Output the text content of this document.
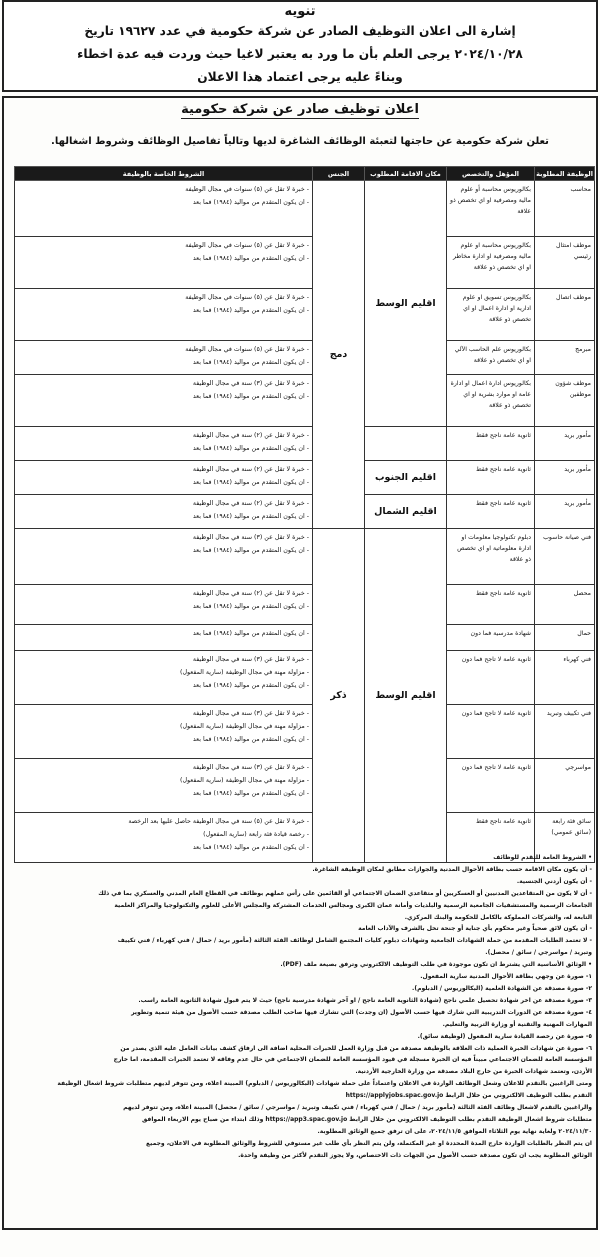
تنويه
إشارة الى اعلان التوظيف الصادر عن شركة حكومية في عدد ١٩٦٢٧ تاريخ
٢٠٢٤/١٠/٢٨ يرجى العلم بأن ما ورد به يعتبر لاغيا حيث وردت فيه عدة اخطاء
وبناءً عليه يرجى اعتماد هذا الاعلان
اعلان توظيف صادر عن شركة حكومية
تعلن شركة حكومية عن حاجتها لتعبئة الوظائف الشاغرة لديها وتالياً تفاصيل الوظائف وشروط اشغالها.
الوظيفة المطلوبة	المؤهل والتخصص	مكان الاقامة المطلوب	الجنس	الشروط الخاصة بالوظيفة
محاسب	بكالوريوس محاسبة أو علوم مالية ومصرفية او اي تخصص ذو علاقة	اقليم الوسط	دمج	- خبرة لا تقل عن (٥) سنوات في مجال الوظيفة
- ان يكون المتقدم من مواليد (١٩٨٤) فما بعد

موظف امتثال رئيسي	بكالوريوس محاسبة او علوم مالية ومصرفية او ادارة مخاطر او اي تخصص ذو علاقة			- خبرة لا تقل عن (٥) سنوات في مجال الوظيفة
- ان يكون المتقدم من مواليد (١٩٨٤) فما بعد

موظف اتصال	بكالوريوس تسويق او علوم ادارية او ادارة اعمال او اي تخصص ذو علاقة			- خبرة لا تقل عن (٥) سنوات في مجال الوظيفة
- ان يكون المتقدم من مواليد (١٩٨٤) فما بعد

مبرمج	بكالوريوس علم الحاسب الآلي او اي تخصص ذو علاقة			- خبرة لا تقل عن (٥) سنوات في مجال الوظيفة
- ان يكون المتقدم من مواليد (١٩٨٤) فما بعد

موظف شؤون موظفين	بكالوريوس ادارة اعمال او ادارة عامة او موارد بشرية او اي تخصص ذو علاقة			- خبرة لا تقل عن (٣) سنة في مجال الوظيفة
- ان يكون المتقدم من مواليد (١٩٨٤) فما بعد

مأمور بريد	ثانوية عامة ناجح فقط			- خبرة لا تقل عن (٢) سنة في مجال الوظيفة
- ان يكون المتقدم من مواليد (١٩٨٤) فما بعد

مأمور بريد	ثانوية عامة ناجح فقط	اقليم الجنوب		- خبرة لا تقل عن (٢) سنة في مجال الوظيفة
- ان يكون المتقدم من مواليد (١٩٨٤) فما بعد

مأمور بريد	ثانوية عامة ناجح فقط	اقليم الشمال		- خبرة لا تقل عن (٢) سنة في مجال الوظيفة
- ان يكون المتقدم من مواليد (١٩٨٤) فما بعد

فني صيانة حاسوب	دبلوم تكنولوجيا معلومات او ادارة معلوماتية او اي تخصص ذو علاقة	اقليم الوسط	ذكر	- خبرة لا تقل عن (٣) سنة في مجال الوظيفة
- ان يكون المتقدم من مواليد (١٩٨٤) فما بعد

محصل	ثانوية عامة ناجح فقط			- خبرة لا تقل عن (٢) سنة في مجال الوظيفة
- ان يكون المتقدم من مواليد (١٩٨٤) فما بعد

حمال	شهادة مدرسية فما دون			- ان يكون المتقدم من مواليد (١٩٨٤) فما بعد

فني كهرباء	ثانوية عامة لا تاجح فما دون			- خبرة لا تقل عن (٣) سنة في مجال الوظيفة
- مزاولة مهنة في مجال الوظيفة (سارية المفعول)
- ان يكون المتقدم من مواليد (١٩٨٤) فما بعد

فني تكييف وتبريد	ثانوية عامة لا تاجح فما دون			- خبرة لا تقل عن (٣) سنة في مجال الوظيفة
- مزاولة مهنة في مجال الوظيفة (سارية المفعول)
- ان يكون المتقدم من مواليد (١٩٨٤) فما بعد

مواسرجي	ثانوية عامة لا تاجح فما دون			- خبرة لا تقل عن (٣) سنة في مجال الوظيفة
- مزاولة مهنة في مجال الوظيفة (سارية المفعول)
- ان يكون المتقدم من مواليد (١٩٨٤) فما بعد

سائق فئة رابعة (سائق عمومي)	ثانوية عامة ناجح فقط			- خبرة لا تقل عن (٥) سنة في مجال الوظيفة حاصل عليها بعد الرخصة
- رخصة قيادة فئة رابعة (سارية المفعول)
- ان يكون المتقدم من مواليد (١٩٨٤) فما بعد

• الشروط العامة للتقدم للوظائف

- أن يكون مكان الاقامة حسب بطاقة الأحوال المدنية والجوازات مطابق لمكان الوظيفة الشاغرة.

- أن يكون أردني الجنسية.

- أن لا يكون من المتقاعدين المدنيين أو العسكريين أو متقاعدي الضمان الاجتماعي أو القائمين على رأس عملهم بوظائف في القطاع العام المدني والعسكري بما في ذلك

الجامعات الرسمية والمستشفيات الجامعية الرسمية والبلديات وأمانة عمان الكبرى ومجالس الخدمات المشتركة والمجلس الأعلى للعلوم والتكنولوجيا والمراكز العلمية

التابعة له، والشركات المملوكة بالكامل للحكومة والبنك المركزي.

- أن يكون لائق صحياً وغير محكوم بأي جناية أو جنحة تخل بالشرف والآداب العامة

- لا تعتمد الطلبات المقدمة من حملة الشهادات الجامعية وشهادات دبلوم كليات المجتمع الشامل لوظائف الفئة الثالثة (مأمور بريد / حمال / فني كهرباء / فني تكييف

وتبريد / مواسرجي / سائق / محصل).

• الوثائق الأساسية التي يشترط ان تكون موجودة في طلب التوظيف الالكتروني وترفق بصيغة ملف (PDF).

١- صورة عن وجهي بطاقة الأحوال المدنية سارية المفعول.

٢- صورة مصدقة عن الشهادة العلمية (البكالوريوس / الدبلوم).

٣- صورة مصدقة عن اخر شهادة تحصيل علمي ناجح (شهادة الثانوية العامة ناجح / او آخر شهادة مدرسية ناجح) حيث لا يتم قبول شهادة الثانوية العامة راسب.

٤- صورة مصدقة عن الدورات التدريبية التي شارك فيها حسب الأصول (ان وجدت) التي تشارك فيها صاحب الطلب مصدقة حسب الأصول من هيئة تنمية وتطوير

المهارات المهنية والتقنية أو وزارة التربية والتعليم.

٥- صورة عن رخصة القيادة سارية المفعول (لوظيفة سائق).

٦- صورة عن شهادات الخبرة العملية ذات العلاقة بالوظيفة مصدقة من قبل وزارة العمل للخبرات المحلية اضافة الى ارفاق كشف بيانات العامل عليه الذي يصدر من

المؤسسة العامة للضمان الاجتماعي مبيناً فيه ان الخبرة مسجلة في قيود المؤسسة العامة للضمان الاجتماعي في حال عدم وفاقه لا تعتمد الخبرات المقدمة، اما خارج

الأردن، وتعتمد شهادات الخبرة من خارج البلاد مصدقة من وزارة الخارجية الأردنية.

ومتى الراغبين بالتقدم للاعلان وشغل الوظائف الواردة في الاعلان واعتماداً على حملة شهادات (البكالوريوس / الدبلوم) المبينة اعلاه، ومن تتوفر لديهم متطلبات شروط اشغال الوظيفة

التقدم بطلب التوظيف الالكتروني من خلال الرابط https://applyjobs.spac.gov.jo

والراغبين بالتقدم لاشغال وظائف الفئة الثالثة (مأمور بريد / حمال / فني كهرباء / فني تكييف وتبريد / مواسرجي / سائق / محصل) المبينة اعلاه، ومن تتوفر لديهم

متطلبات شروط اشغال الوظيفة التقدم بطلب التوظيف الالكتروني من خلال الرابط https://app3.spac.gov.jo وذلك ابتداء من صباح يوم الاربعاء الموافق

٢٠٢٤/١١/٣٠ ولغاية نهاية يوم الثلاثاء الموافق ٢٠٢٤/١١/٥، على ان ترفق جميع الوثائق المطلوبة.

ان يتم النظر بالطلبات الواردة خارج المدة المحددة او غير المكتملة، ولن يتم النظر بأي طلب غير مستوفي للشروط والوثائق المطلوبة في الاعلان، وجميع

الوثائق المطلوبة يجب ان تكون مصدقة حسب الأصول من الجهات ذات الاختصاص، ولا يجوز التقدم لأكثر من وظيفة واحدة.
